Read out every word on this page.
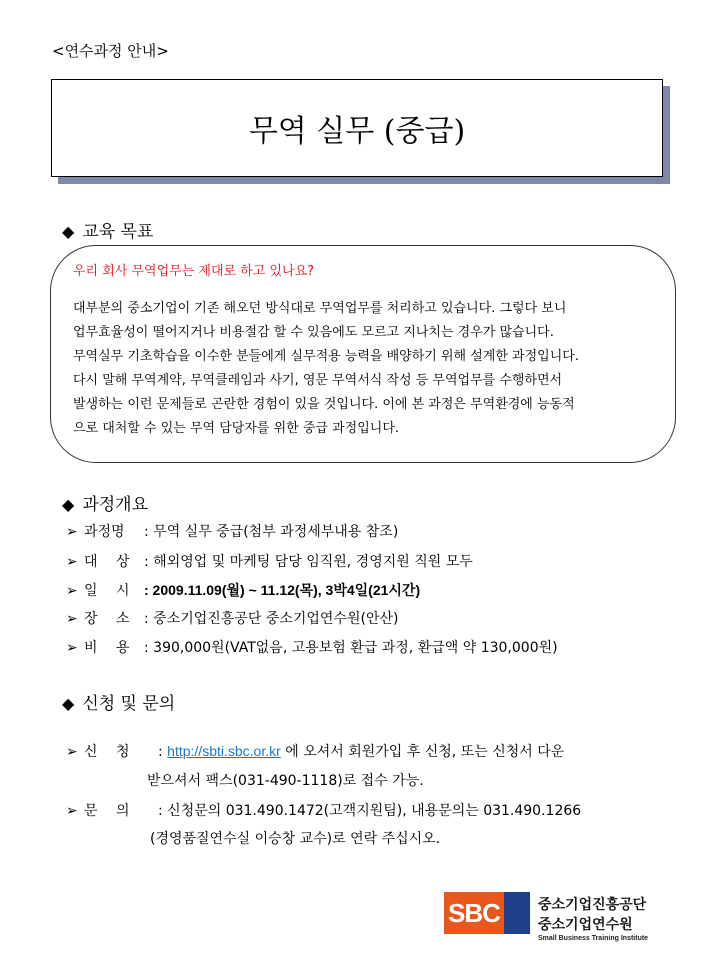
<연수과정 안내>
무역 실무 (중급)
◆ 교육 목표
우리 회사 무역업무는 제대로 하고 있나요?
대부분의 중소기업이 기존 해오던 방식대로 무역업무를 처리하고 있습니다. 그렇다 보니
업무효율성이 떨어지거나 비용절감 할 수 있음에도 모르고 지나치는 경우가 많습니다.
무역실무 기초학습을 이수한 분들에게 실무적용 능력을 배양하기 위해 설계한 과정입니다.
다시 말해 무역계약, 무역클레임과 사기, 영문 무역서식 작성 등 무역업무를 수행하면서
발생하는 이런 문제들로 곤란한 경험이 있을 것입니다. 이에 본 과정은 무역환경에 능동적
으로 대처할 수 있는 무역 담당자를 위한 중급 과정입니다.
◆ 과정개요
➢ 과정명 : 무역 실무 중급(첨부 과정세부내용 참조)
➢ 대 　상 : 해외영업 및 마케팅 담당 임직원, 경영지원 직원 모두
➢ 일 　시 : 2009.11.09(월) ~ 11.12(목), 3박4일(21시간)
➢ 장 　소 : 중소기업진흥공단 중소기업연수원(안산)
➢ 비 　용 : 390,000원(VAT없음, 고용보험 환급 과정, 환급액 약 130,000원)
◆ 신청 및 문의
➢ 신 　청 : http://sbti.sbc.or.kr 에 오셔서 회원가입 후 신청, 또는 신청서 다운
받으셔서 팩스(031-490-1118)로 접수 가능.
➢ 문 　의 : 신청문의 031.490.1472(고객지원팀), 내용문의는 031.490.1266
(경영품질연수실 이승창 교수)로 연락 주십시오.
SBC	중소기업진흥공단
중소기업연수원
Small Business Training Institute
